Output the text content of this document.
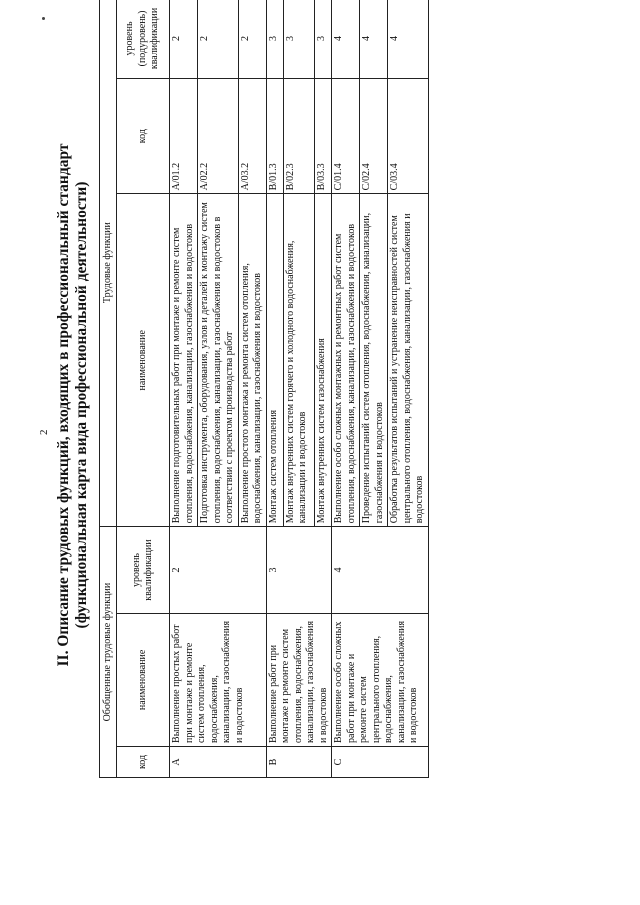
2 II. Описание трудовых функций, входящих в профессиональный стандарт (функциональная карта вида профессиональной деятельности)
Обобщенные трудовые функции			Трудовые функции		
код	наименование	уровень квалификации	наименование	код	уровень (подуровень) квалификации
A	Выполнение простых работ при монтаже и ремонте систем отопления, водоснабжения, канализации, газоснабжения и водостоков	2	Выполнение подготовительных работ при монтаже и ремонте систем отопления, водоснабжения, канализации, газоснабжения и водостоков	A/01.2	2
			Подготовка инструмента, оборудования, узлов и деталей к монтажу систем отопления, водоснабжения, канализации, газоснабжения и водостоков в соответствии с проектом производства работ	A/02.2	2
			Выполнение простого монтажа и ремонта систем отопления, водоснабжения, канализации, газоснабжения и водостоков	A/03.2	2
B	Выполнение работ при монтаже и ремонте систем отопления, водоснабжения, канализации, газоснабжения и водостоков	3	Монтаж систем отопления	B/01.3	3
			Монтаж внутренних систем горячего и холодного водоснабжения, канализации и водостоков	B/02.3	3
			Монтаж внутренних систем газоснабжения	B/03.3	3
C	Выполнение особо сложных работ при монтаже и ремонте систем центрального отопления, водоснабжения, канализации, газоснабжения и водостоков	4	Выполнение особо сложных монтажных и ремонтных работ систем отопления, водоснабжения, канализации, газоснабжения и водостоков	C/01.4	4
			Проведение испытаний систем отопления, водоснабжения, канализации, газоснабжения и водостоков	C/02.4	4
			Обработка результатов испытаний и устранение неисправностей систем центрального отопления, водоснабжения, канализации, газоснабжения и водостоков	C/03.4	4
